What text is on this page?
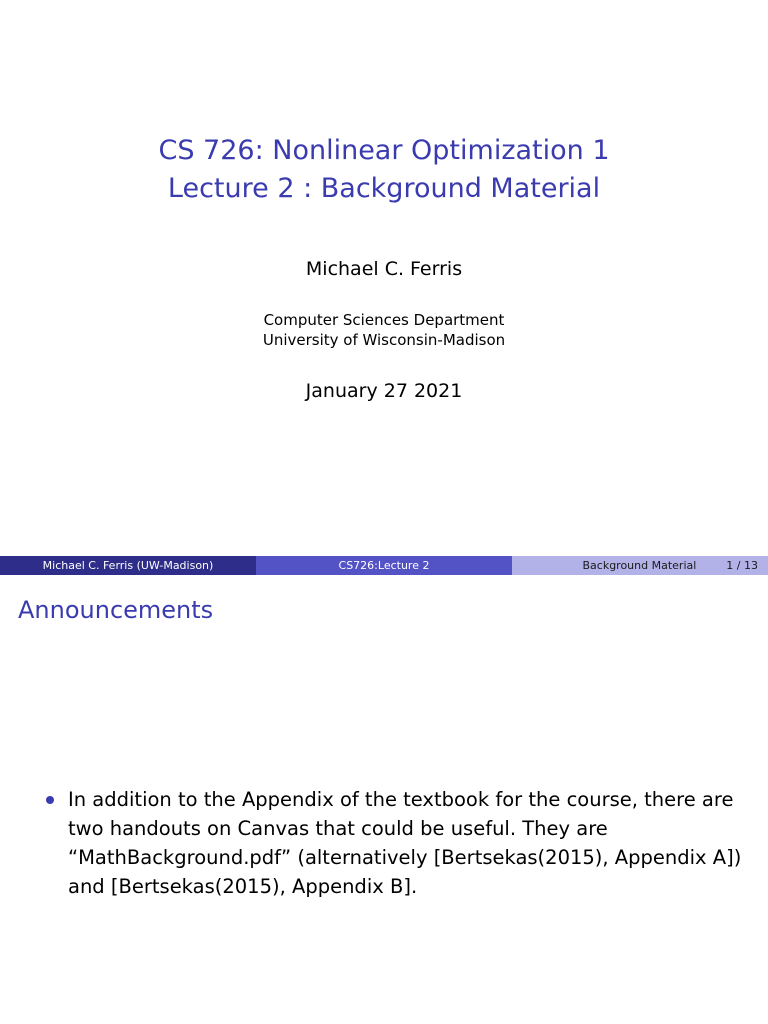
CS 726: Nonlinear Optimization 1
Lecture 2 : Background Material
Michael C. Ferris
Computer Sciences Department
University of Wisconsin-Madison
January 27 2021
Michael C. Ferris (UW-Madison)	CS726:Lecture 2	Background Material	1 / 13
Announcements
In addition to the Appendix of the textbook for the course, there are two handouts on Canvas that could be useful. They are “MathBackground.pdf” (alternatively [Bertsekas(2015), Appendix A]) and [Bertsekas(2015), Appendix B].
